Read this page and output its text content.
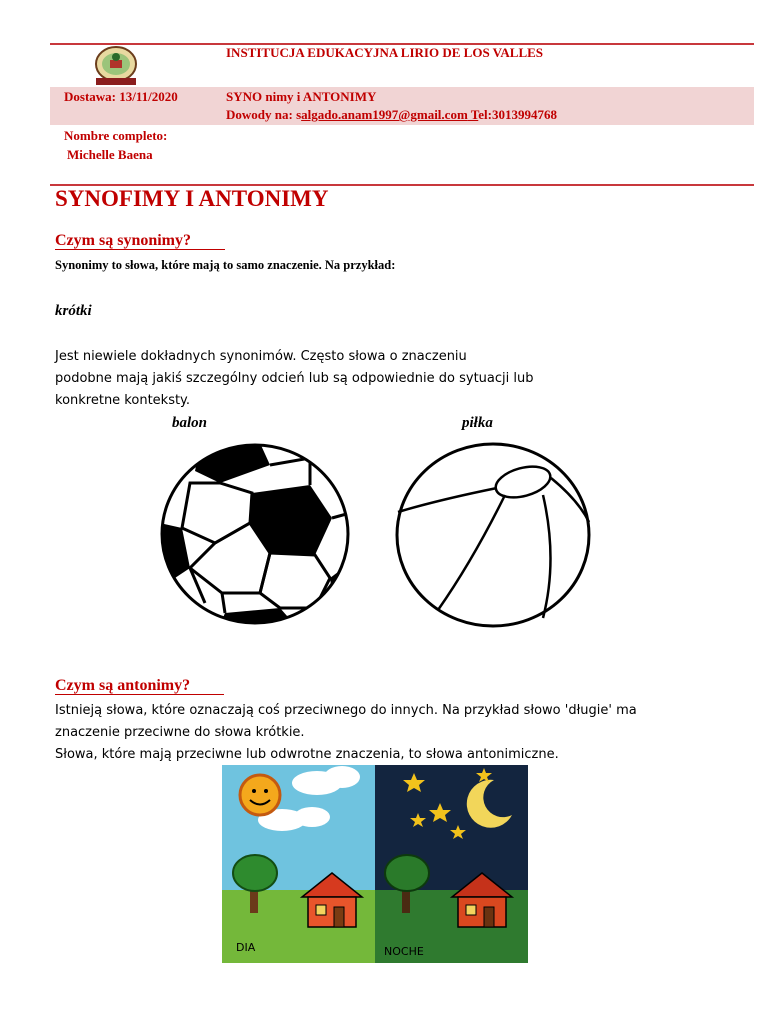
INSTITUCJA EDUKACYJNA LIRIO DE LOS VALLES
Dostawa: 13/11/2020	SYNO nimy i ANTONIMY
Dowody na: salgado.anam1997@gmail.com Tel:3013994768
Nombre completo:
Michelle Baena
SYNOFIMY I ANTONIMY
Czym są synonimy?
Synonimy to słowa, które mają to samo znaczenie. Na przykład:
krótki
Jest niewiele dokładnych synonimów. Często słowa o znaczeniu
podobne mają jakiś szczególny odcień lub są odpowiednie do sytuacji lub
konkretne konteksty.
balon	piłka
Czym są antonimy?
Istnieją słowa, które oznaczają coś przeciwnego do innych. Na przykład słowo 'długie' ma
znaczenie przeciwne do słowa krótkie.
Słowa, które mają przeciwne lub odwrotne znaczenia, to słowa antonimiczne.
DIA	NOCHE
